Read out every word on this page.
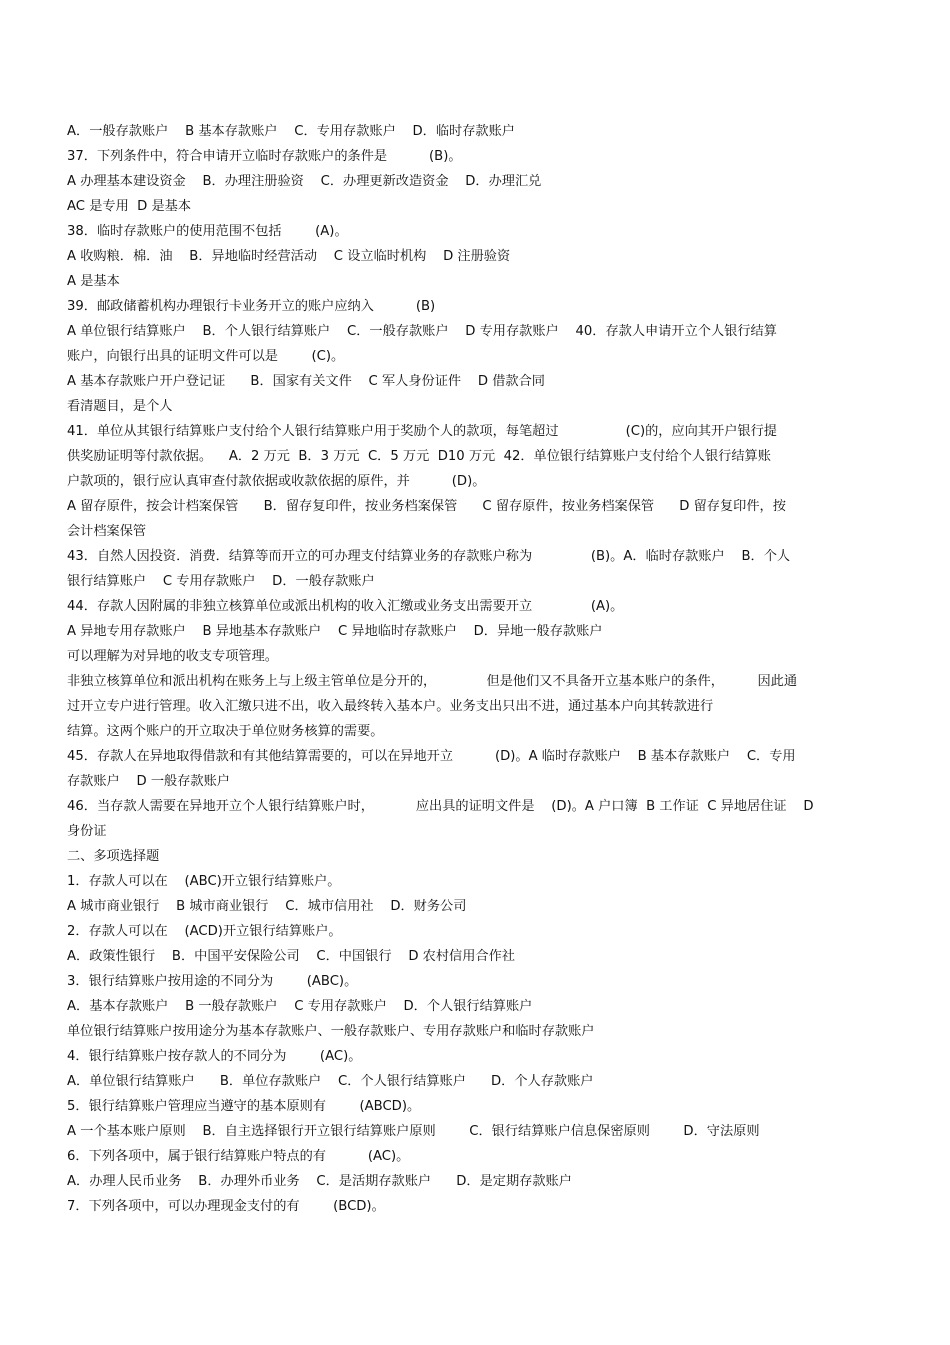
A．一般存款账户    B 基本存款账户    C．专用存款账户    D．临时存款账户
37．下列条件中，符合申请开立临时存款账户的条件是          (B)。
A 办理基本建设资金    B．办理注册验资    C．办理更新改造资金    D．办理汇兑
AC 是专用  D 是基本
38．临时存款账户的使用范围不包括        (A)。
A 收购粮．棉．油    B．异地临时经营活动    C 设立临时机构    D 注册验资
A 是基本
39．邮政储蓄机构办理银行卡业务开立的账户应纳入          (B)
A 单位银行结算账户    B．个人银行结算账户    C．一般存款账户    D 专用存款账户    40．存款人申请开立个人银行结算
账户，向银行出具的证明文件可以是        (C)。
A 基本存款账户开户登记证      B．国家有关文件    C 军人身份证件    D 借款合同
看清题目，是个人
41．单位从其银行结算账户支付给个人银行结算账户用于奖励个人的款项，每笔超过                (C)的，应向其开户银行提
供奖励证明等付款依据。    A．2 万元  B．3 万元  C．5 万元  D10 万元  42．单位银行结算账户支付给个人银行结算账
户款项的，银行应认真审查付款依据或收款依据的原件，并          (D)。
A 留存原件，按会计档案保管      B．留存复印件，按业务档案保管      C 留存原件，按业务档案保管      D 留存复印件，按
会计档案保管
43．自然人因投资．消费．结算等而开立的可办理支付结算业务的存款账户称为              (B)。A．临时存款账户    B．个人
银行结算账户    C 专用存款账户    D．一般存款账户
44．存款人因附属的非独立核算单位或派出机构的收入汇缴或业务支出需要开立              (A)。
A 异地专用存款账户    B 异地基本存款账户    C 异地临时存款账户    D．异地一般存款账户
可以理解为对异地的收支专项管理。
非独立核算单位和派出机构在账务上与上级主管单位是分开的，            但是他们又不具备开立基本账户的条件，        因此通
过开立专户进行管理。收入汇缴只进不出，收入最终转入基本户。业务支出只出不进，通过基本户向其转款进行
结算。这两个账户的开立取决于单位财务核算的需要。
45．存款人在异地取得借款和有其他结算需要的，可以在异地开立          (D)。A 临时存款账户    B 基本存款账户    C．专用
存款账户    D 一般存款账户
46．当存款人需要在异地开立个人银行结算账户时，          应出具的证明文件是    (D)。A 户口簿  B 工作证  C 异地居住证    D
身份证
二、多项选择题
1．存款人可以在    (ABC)开立银行结算账户。
A 城市商业银行    B 城市商业银行    C．城市信用社    D．财务公司
2．存款人可以在    (ACD)开立银行结算账户。
A．政策性银行    B．中国平安保险公司    C．中国银行    D 农村信用合作社
3．银行结算账户按用途的不同分为        (ABC)。
A．基本存款账户    B 一般存款账户    C 专用存款账户    D．个人银行结算账户
单位银行结算账户按用途分为基本存款账户、一般存款账户、专用存款账户和临时存款账户
4．银行结算账户按存款人的不同分为        (AC)。
A．单位银行结算账户      B．单位存款账户    C．个人银行结算账户      D．个人存款账户
5．银行结算账户管理应当遵守的基本原则有        (ABCD)。
A 一个基本账户原则    B．自主选择银行开立银行结算账户原则        C．银行结算账户信息保密原则        D．守法原则
6．下列各项中，属于银行结算账户特点的有          (AC)。
A．办理人民币业务    B．办理外币业务    C．是活期存款账户      D．是定期存款账户
7．下列各项中，可以办理现金支付的有        (BCD)。
